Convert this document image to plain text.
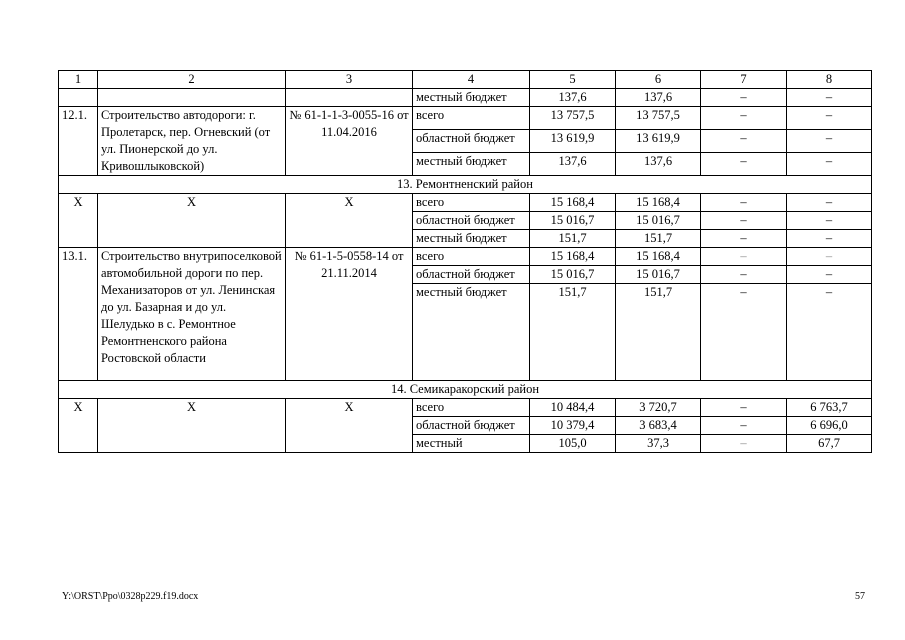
1	2	3	4	5	6	7	8
			местный бюджет	137,6	137,6	–	–
12.1.	Строительство автодороги: г. Пролетарск, пер. Огневский (от ул. Пионерской до ул. Кривошлыковской)	№ 61-1-1-3-0055-16 от 11.04.2016	всего	13 757,5	13 757,5	–	–
			областной бюджет	13 619,9	13 619,9	–	–
			местный бюджет	137,6	137,6	–	–
13. Ремонтненский район							
Х	Х	Х	всего	15 168,4	15 168,4	–	–
			областной бюджет	15 016,7	15 016,7	–	–
			местный бюджет	151,7	151,7	–	–
13.1.	Строительство внутрипоселковой автомобильной дороги по пер. Механизаторов от ул. Ленинская до ул. Базарная и до ул. Шелудько в с. Ремонтное Ремонтненского района Ростовской области	№ 61-1-5-0558-14 от 21.11.2014	всего	15 168,4	15 168,4	–	–
			областной бюджет	15 016,7	15 016,7	–	–
			местный бюджет	151,7	151,7	–	–
14. Семикаракорский район							
Х	Х	Х	всего	10 484,4	3 720,7	–	6 763,7
			областной бюджет	10 379,4	3 683,4	–	6 696,0
			местный	105,0	37,3	–	67,7
Y:\ORST\Ppo\0328p229.f19.docx	57
